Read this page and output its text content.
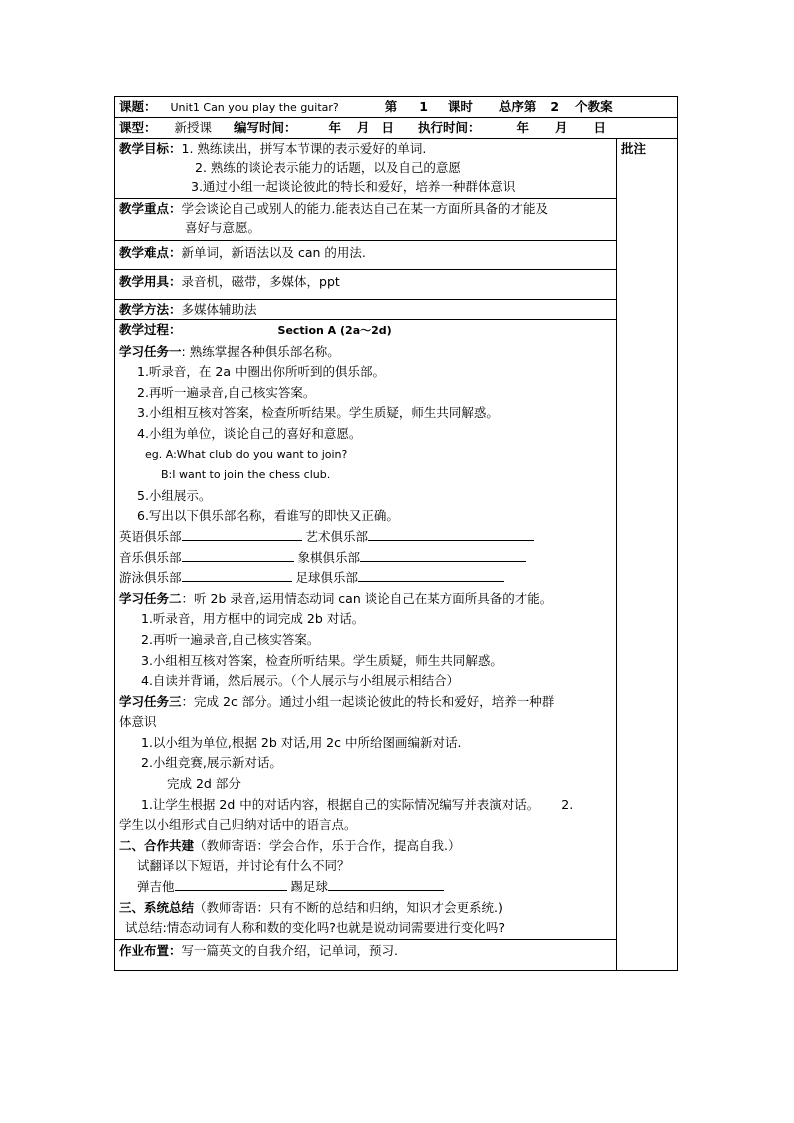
课题： Unit1 Can you play the guitar?	第 1 课时 总序第 2 个教案
课型： 新授课 编写时间：	年 月 日 执行时间：	年 月 日

教学目标：1. 熟练读出，拼写本节课的表示爱好的单词.
2. 熟练的谈论表示能力的话题，以及自己的意愿
3.通过小组一起谈论彼此的特长和爱好，培养一种群体意识
	批注

教学重点：学会谈论自己或别人的能力.能表达自己在某一方面所具备的才能及
喜好与意愿。

教学难点：新单词，新语法以及 can 的用法.
教学用具：录音机，磁带，多媒体，ppt
教学方法：多媒体辅助法

教学过程：	Section A (2a～2d)
学习任务一: 熟练掌握各种俱乐部名称。
1.听录音，在 2a 中圈出你所听到的俱乐部。
2.再听一遍录音,自己核实答案。
3.小组相互核对答案，检查所听结果。学生质疑，师生共同解惑。
4.小组为单位，谈论自己的喜好和意愿。
eg. A:What club do you want to join?
B:I want to join the chess club.
5.小组展示。
6.写出以下俱乐部名称，看谁写的即快又正确。
英语俱乐部	艺术俱乐部
音乐俱乐部	象棋俱乐部
游泳俱乐部	足球俱乐部
学习任务二：听 2b 录音,运用情态动词 can 谈论自己在某方面所具备的才能。
1.听录音，用方框中的词完成 2b 对话。
2.再听一遍录音,自己核实答案。
3.小组相互核对答案，检查所听结果。学生质疑，师生共同解惑。
4.自读并背诵，然后展示。（个人展示与小组展示相结合）
学习任务三：完成 2c 部分。通过小组一起谈论彼此的特长和爱好，培养一种群
体意识
1.以小组为单位,根据 2b 对话,用 2c 中所给图画编新对话.
2.小组竞赛,展示新对话。
完成 2d 部分
1.让学生根据 2d 中的对话内容，根据自己的实际情况编写并表演对话。 2.
学生以小组形式自己归纳对话中的语言点。
二、合作共建（教师寄语：学会合作，乐于合作，提高自我.）
试翻译以下短语，并讨论有什么不同？
弹吉他	踢足球
三、系统总结（教师寄语：只有不断的总结和归纳，知识才会更系统.)
试总结:情态动词有人称和数的变化吗?也就是说动词需要进行变化吗?

作业布置：写一篇英文的自我介绍，记单词，预习.
